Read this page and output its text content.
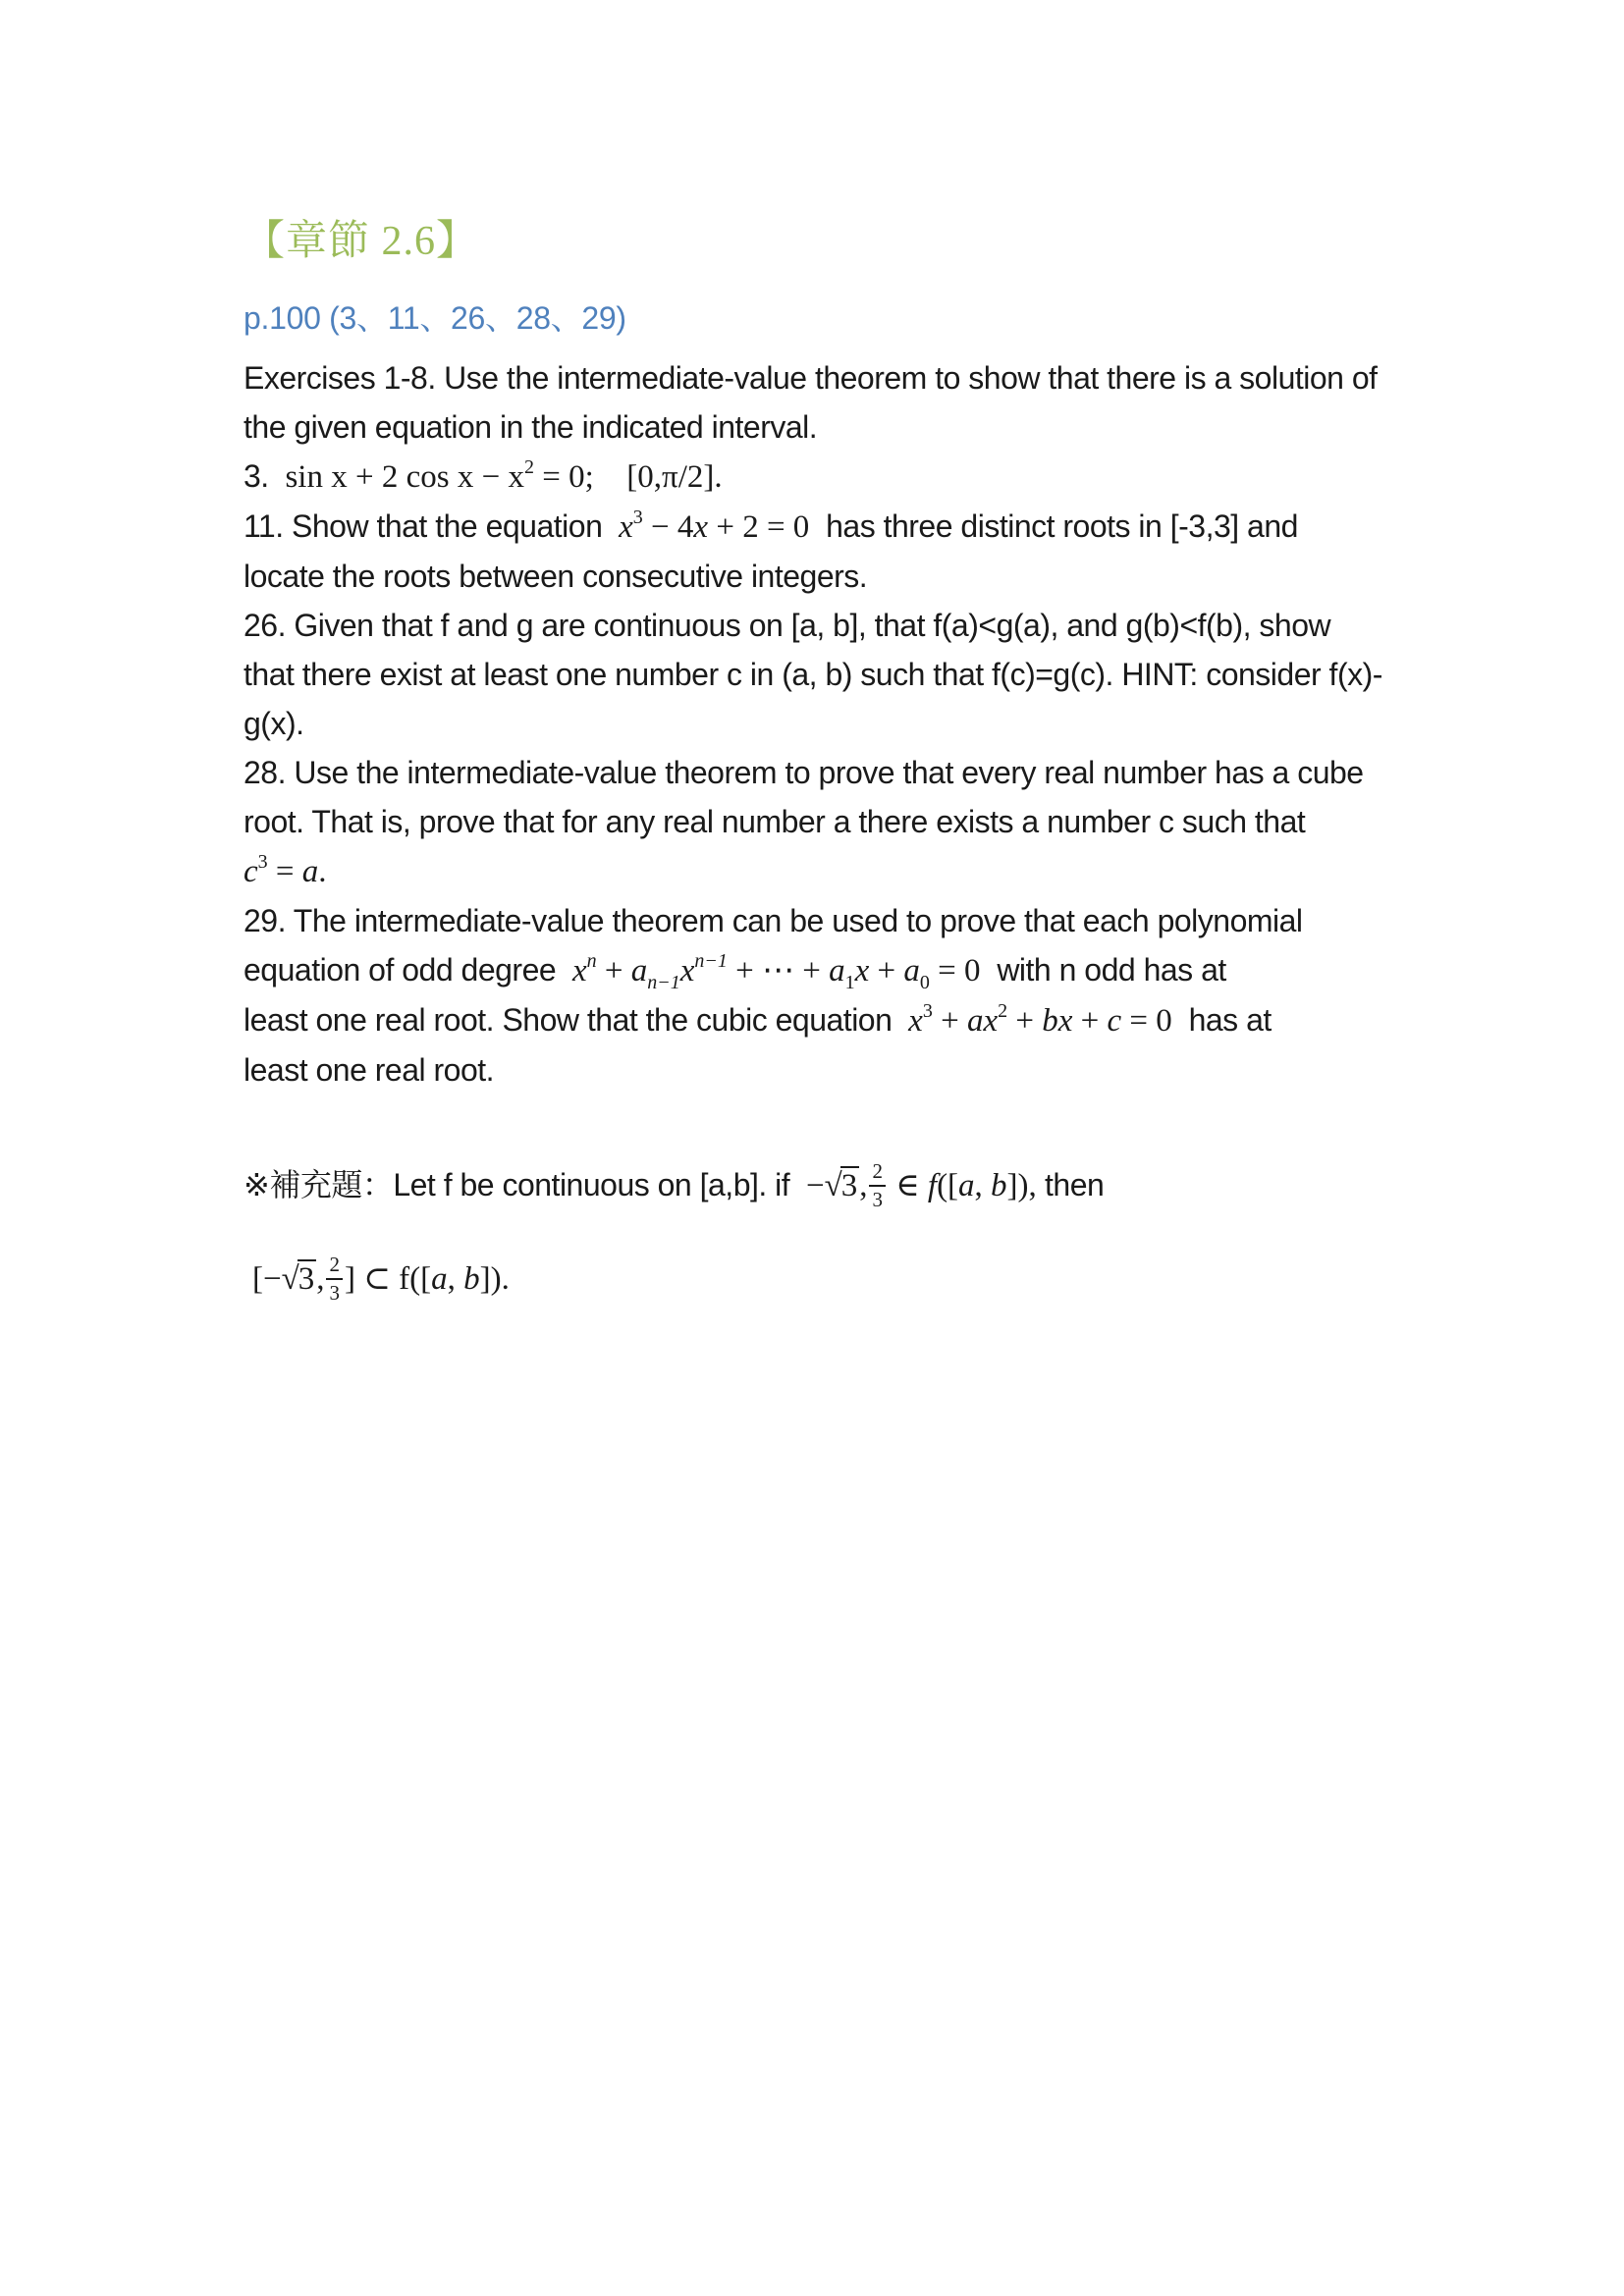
【章節 2.6】
p.100 (3、11、26、28、29)
Exercises 1-8. Use the intermediate-value theorem to show that there is a solution of
the given equation in the indicated interval.
3.  sin x + 2 $\cos x - x^2 = 0$; [0,π/2].
11. Show that the equation  $x^3 - 4x + 2 = 0$  has three distinct roots in [-3,3] and
locate the roots between consecutive integers.
26. Given that f and g are continuous on [a, b], that f(a)<g(a), and g(b)<f(b), show
that there exist at least one number c in (a, b) such that f(c)=g(c). HINT: consider f(x)-
g(x).
28. Use the intermediate-value theorem to prove that every real number has a cube
root. That is, prove that for any real number a there exists a number c such that
$c^3 = a$.
29. The intermediate-value theorem can be used to prove that each polynomial
equation of odd degree  $x^n + a_{n-1}x^{n-1}$ + ⋯ + $a_1x + a_0 = 0$  with n odd has at
least one real root. Show that the cubic equation  $x^3 + ax^2$ + bx + c = 0  has at
least one real root.
※補充題：Let f be continuous on [a,b]. if  −√3, $\frac{2}{3}$ ∈ f([a, b]), then
[−√3, $\frac{2}{3}$ ] ⊂ f([a, b]).
